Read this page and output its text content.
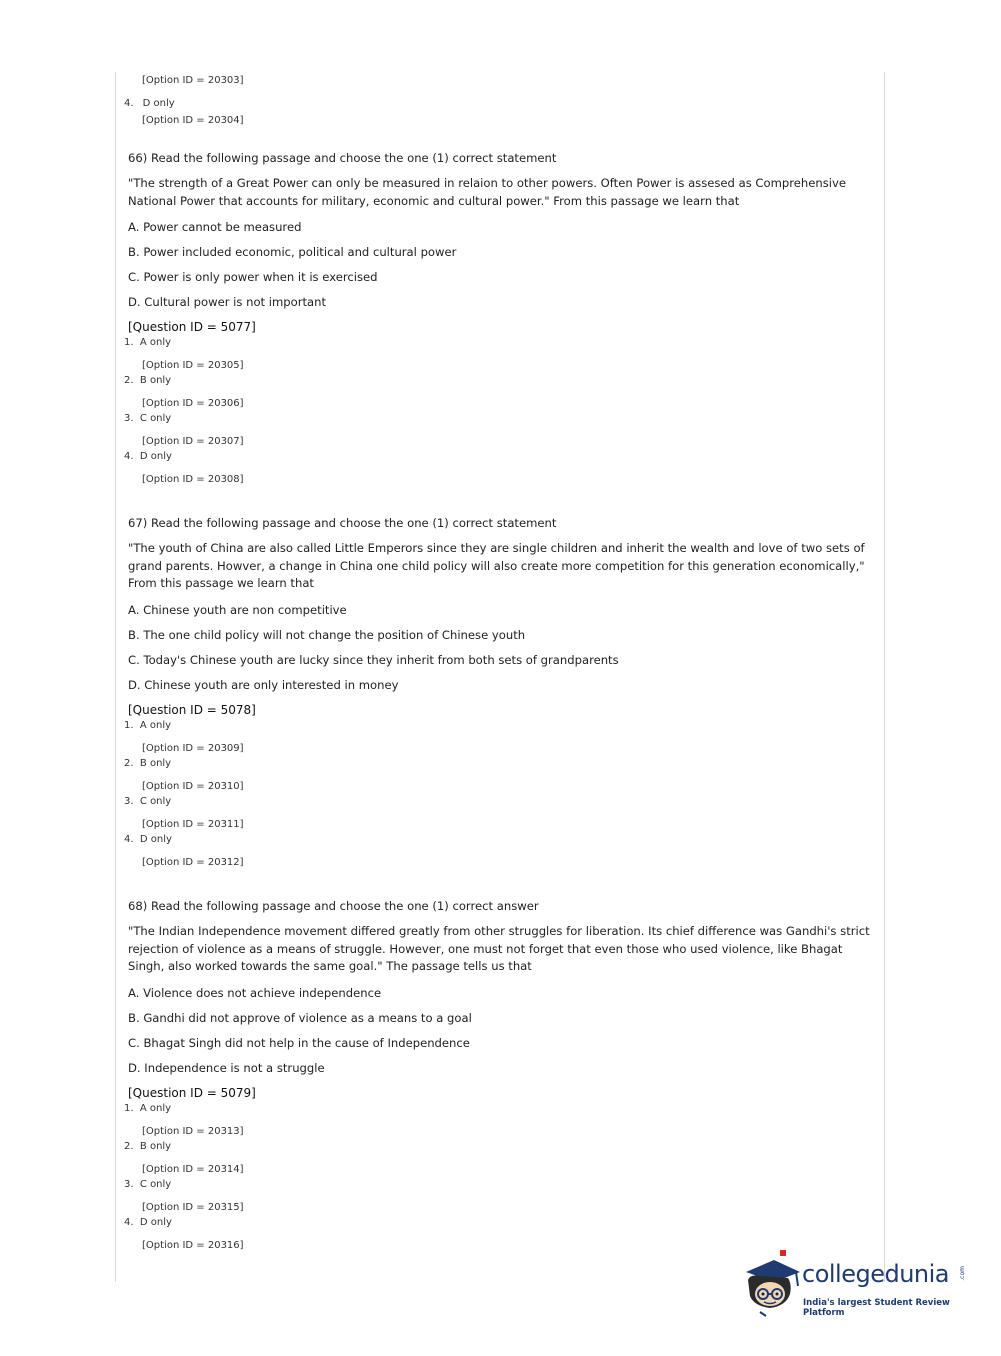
[Option ID = 20303]
4. D only
[Option ID = 20304]
66) Read the following passage and choose the one (1) correct statement
"The strength of a Great Power can only be measured in relaion to other powers. Often Power is assesed as Comprehensive National Power that accounts for military, economic and cultural power." From this passage we learn that
A. Power cannot be measured
B. Power included economic, political and cultural power
C. Power is only power when it is exercised
D. Cultural power is not important
[Question ID = 5077]
1. A only
[Option ID = 20305]
2. B only
[Option ID = 20306]
3. C only
[Option ID = 20307]
4. D only
[Option ID = 20308]
67) Read the following passage and choose the one (1) correct statement
"The youth of China are also called Little Emperors since they are single children and inherit the wealth and love of two sets of grand parents. Howver, a change in China one child policy will also create more competition for this generation economically," From this passage we learn that
A. Chinese youth are non competitive
B. The one child policy will not change the position of Chinese youth
C. Today's Chinese youth are lucky since they inherit from both sets of grandparents
D. Chinese youth are only interested in money
[Question ID = 5078]
1. A only
[Option ID = 20309]
2. B only
[Option ID = 20310]
3. C only
[Option ID = 20311]
4. D only
[Option ID = 20312]
68) Read the following passage and choose the one (1) correct answer
"The Indian Independence movement differed greatly from other struggles for liberation. Its chief difference was Gandhi's strict rejection of violence as a means of struggle. However, one must not forget that even those who used violence, like Bhagat Singh, also worked towards the same goal." The passage tells us that
A. Violence does not achieve independence
B. Gandhi did not approve of violence as a means to a goal
C. Bhagat Singh did not help in the cause of Independence
D. Independence is not a struggle
[Question ID = 5079]
1. A only
[Option ID = 20313]
2. B only
[Option ID = 20314]
3. C only
[Option ID = 20315]
4. D only
[Option ID = 20316]
collegedunia .com
India's largest Student Review Platform
